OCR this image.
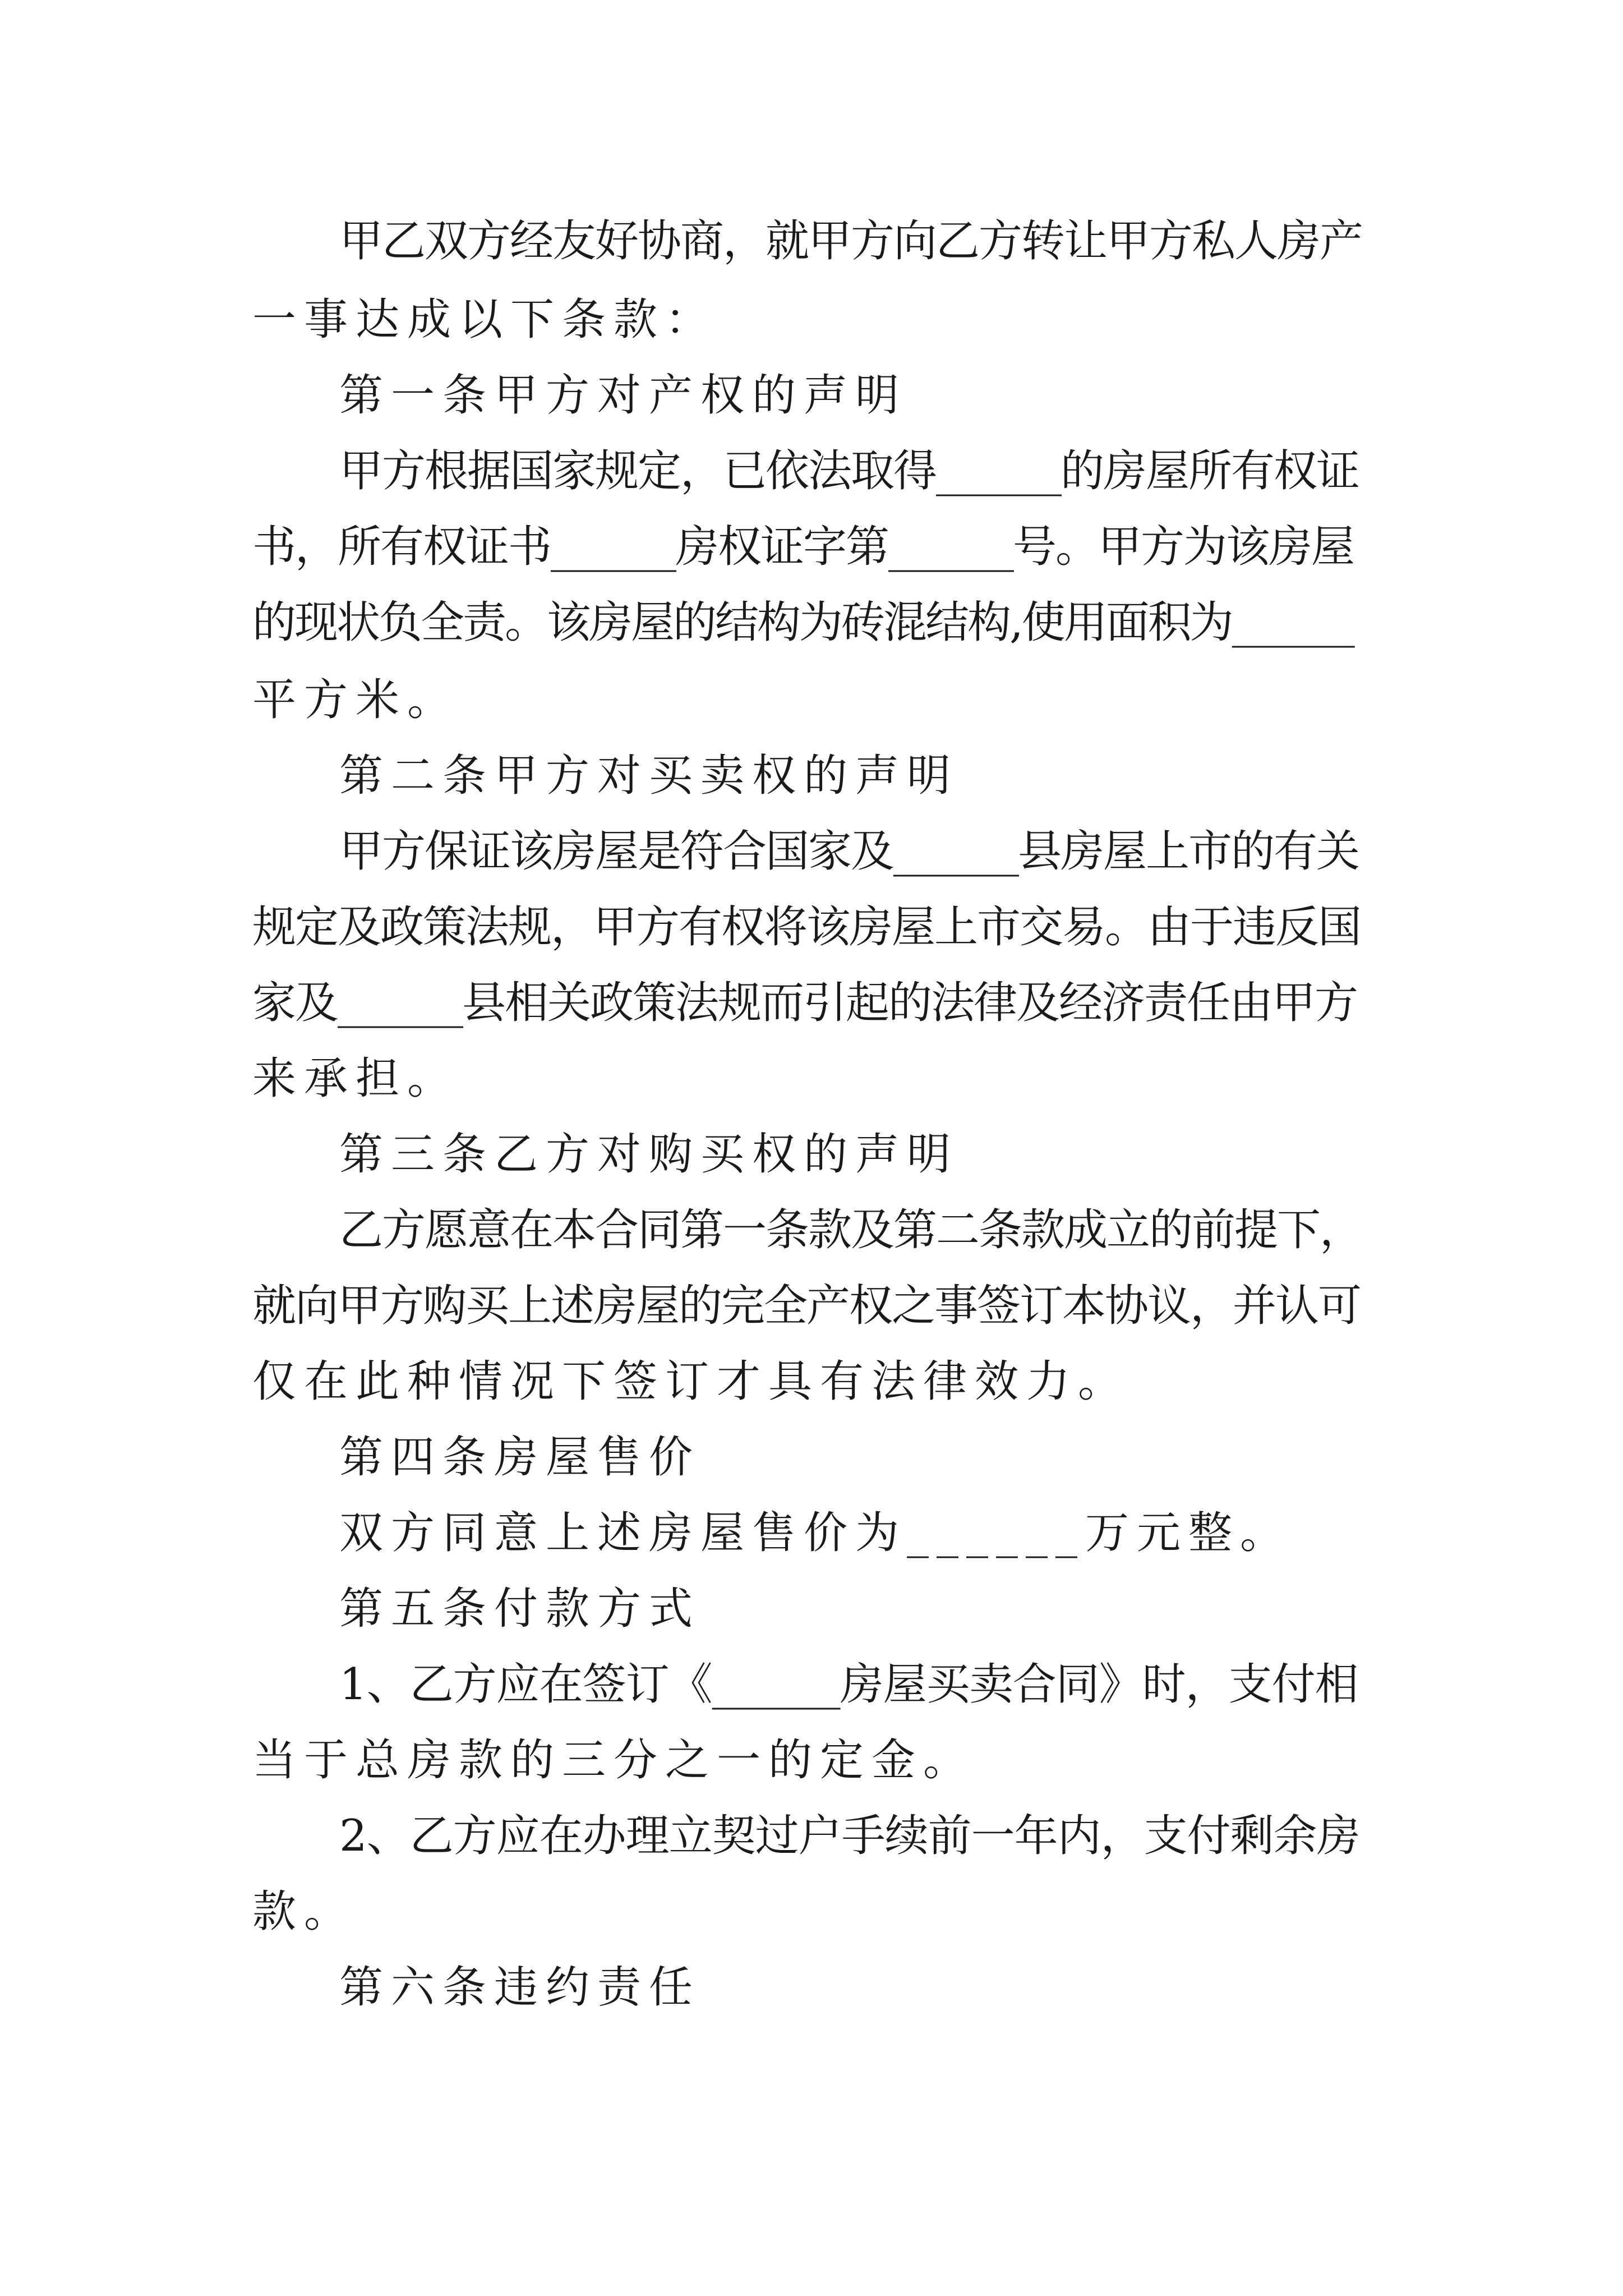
甲乙双方经友好协商，就甲方向乙方转让甲方私人房产

一事达成以下条款：

第一条甲方对产权的声明

甲方根据国家规定，已依法取得______的房屋所有权证

书，所有权证书______房权证字第______号。甲方为该房屋

的现状负全责。该房屋的结构为砖混结构,使用面积为______

平方米。

第二条甲方对买卖权的声明

甲方保证该房屋是符合国家及______县房屋上市的有关

规定及政策法规，甲方有权将该房屋上市交易。由于违反国

家及______县相关政策法规而引起的法律及经济责任由甲方

来承担。

第三条乙方对购买权的声明

乙方愿意在本合同第一条款及第二条款成立的前提下，

就向甲方购买上述房屋的完全产权之事签订本协议，并认可

仅在此种情况下签订才具有法律效力。

第四条房屋售价

双方同意上述房屋售价为______万元整。

第五条付款方式

1、乙方应在签订《______房屋买卖合同》时，支付相

当于总房款的三分之一的定金。

2、乙方应在办理立契过户手续前一年内，支付剩余房

款。

第六条违约责任
